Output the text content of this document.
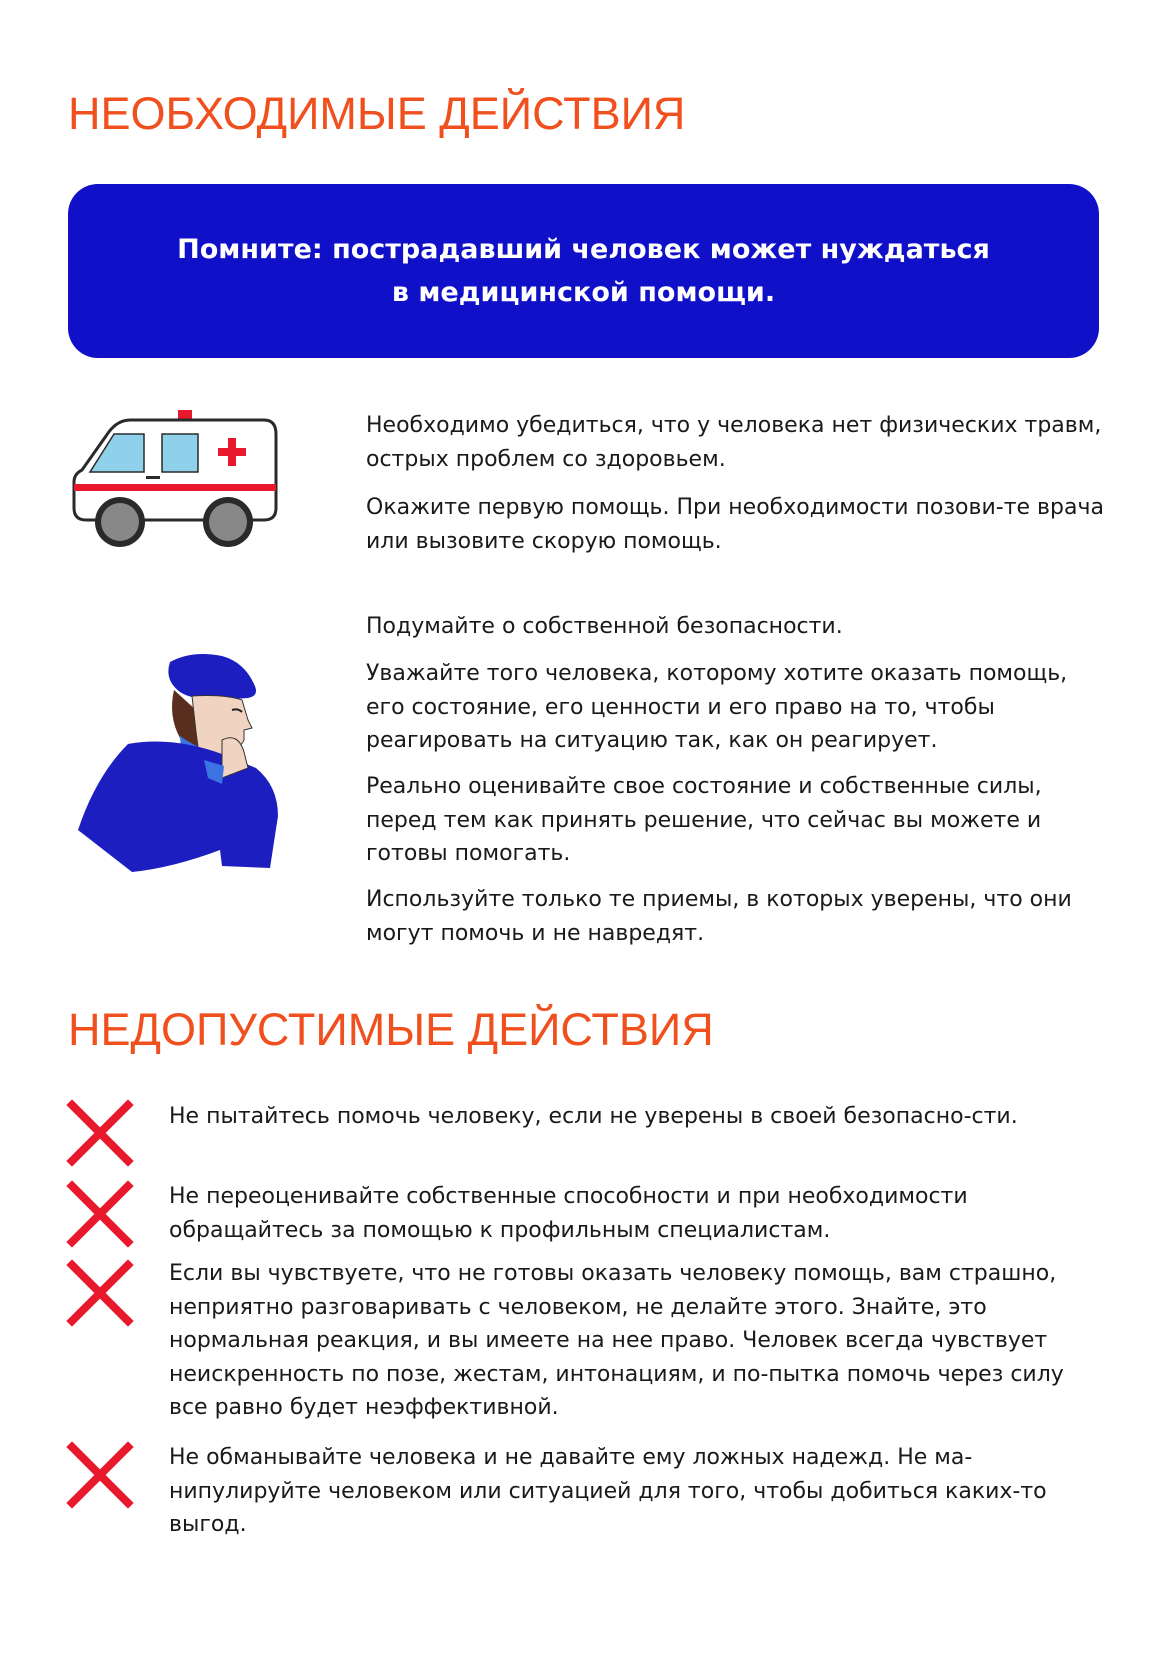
НЕОБХОДИМЫЕ ДЕЙСТВИЯ
Помните: пострадавший человек может нуждаться
в медицинской помощи.

Необходимо убедиться, что у человека нет физических травм, острых проблем со здоровьем.

Окажите первую помощь. При необходимости позови-те врача или вызовите скорую помощь.

Подумайте о собственной безопасности.

Уважайте того человека, которому хотите оказать помощь, его состояние, его ценности и его право на то, чтобы реагировать на ситуацию так, как он реагирует.

Реально оценивайте свое состояние и собственные силы, перед тем как принять решение, что сейчас вы можете и готовы помогать.

Используйте только те приемы, в которых уверены, что они могут помочь и не навредят.

НЕДОПУСТИМЫЕ ДЕЙСТВИЯ

Не пытайтесь помочь человеку, если не уверены в своей безопасно-сти.

Не переоценивайте собственные способности и при необходимости обращайтесь за помощью к профильным специалистам.

Если вы чувствуете, что не готовы оказать человеку помощь, вам страшно, неприятно разговаривать с человеком, не делайте этого. Знайте, это нормальная реакция, и вы имеете на нее право. Человек всегда чувствует неискренность по позе, жестам, интонациям, и по-пытка помочь через силу все равно будет неэффективной.

Не обманывайте человека и не давайте ему ложных надежд. Не ма-нипулируйте человеком или ситуацией для того, чтобы добиться каких-то выгод.
